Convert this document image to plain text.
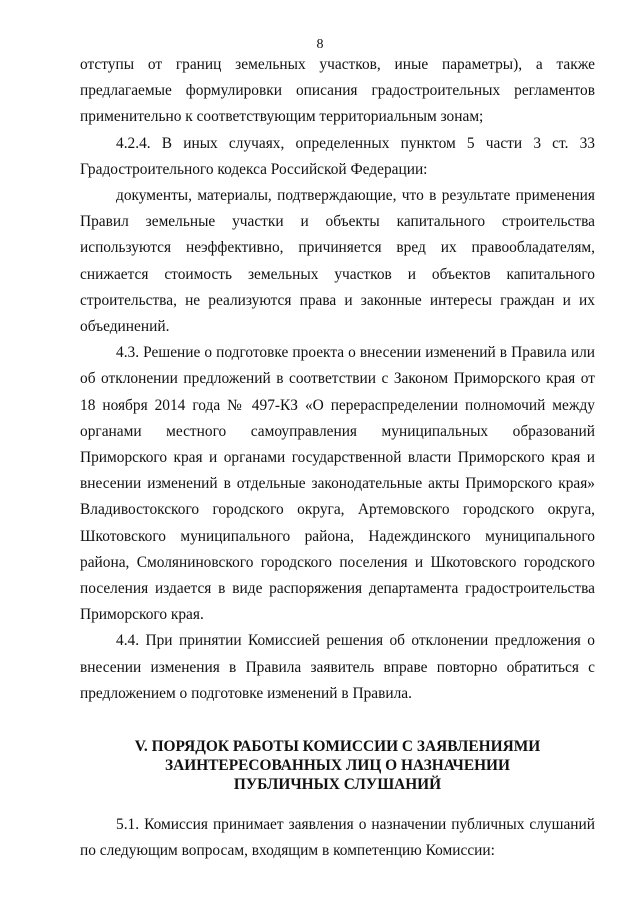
8

отступы от границ земельных участков, иные параметры), а также предлагаемые формулировки описания градостроительных регламентов применительно к соответствующим территориальным зонам;

4.2.4. В иных случаях, определенных пунктом 5 части 3 ст. 33 Градостроительного кодекса Российской Федерации:

документы, материалы, подтверждающие, что в результате применения Правил земельные участки и объекты капитального строительства используются неэффективно, причиняется вред их правообладателям, снижается стоимость земельных участков и объектов капитального строительства, не реализуются права и законные интересы граждан и их объединений.

4.3. Решение о подготовке проекта о внесении изменений в Правила или об отклонении предложений в соответствии с Законом Приморского края от 18 ноября 2014 года № 497-КЗ «О перераспределении полномочий между органами местного самоуправления муниципальных образований Приморского края и органами государственной власти Приморского края и внесении изменений в отдельные законодательные акты Приморского края» Владивостокского городского округа, Артемовского городского округа, Шкотовского муниципального района, Надеждинского муниципального района, Смоляниновского городского поселения и Шкотовского городского поселения издается в виде распоряжения департамента градостроительства Приморского края.

4.4. При принятии Комиссией решения об отклонении предложения о внесении изменения в Правила заявитель вправе повторно обратиться с предложением о подготовке изменений в Правила.

V. ПОРЯДОК РАБОТЫ КОМИССИИ С ЗАЯВЛЕНИЯМИ
ЗАИНТЕРЕСОВАННЫХ ЛИЦ О НАЗНАЧЕНИИ
ПУБЛИЧНЫХ СЛУШАНИЙ

5.1. Комиссия принимает заявления о назначении публичных слушаний по следующим вопросам, входящим в компетенцию Комиссии:
